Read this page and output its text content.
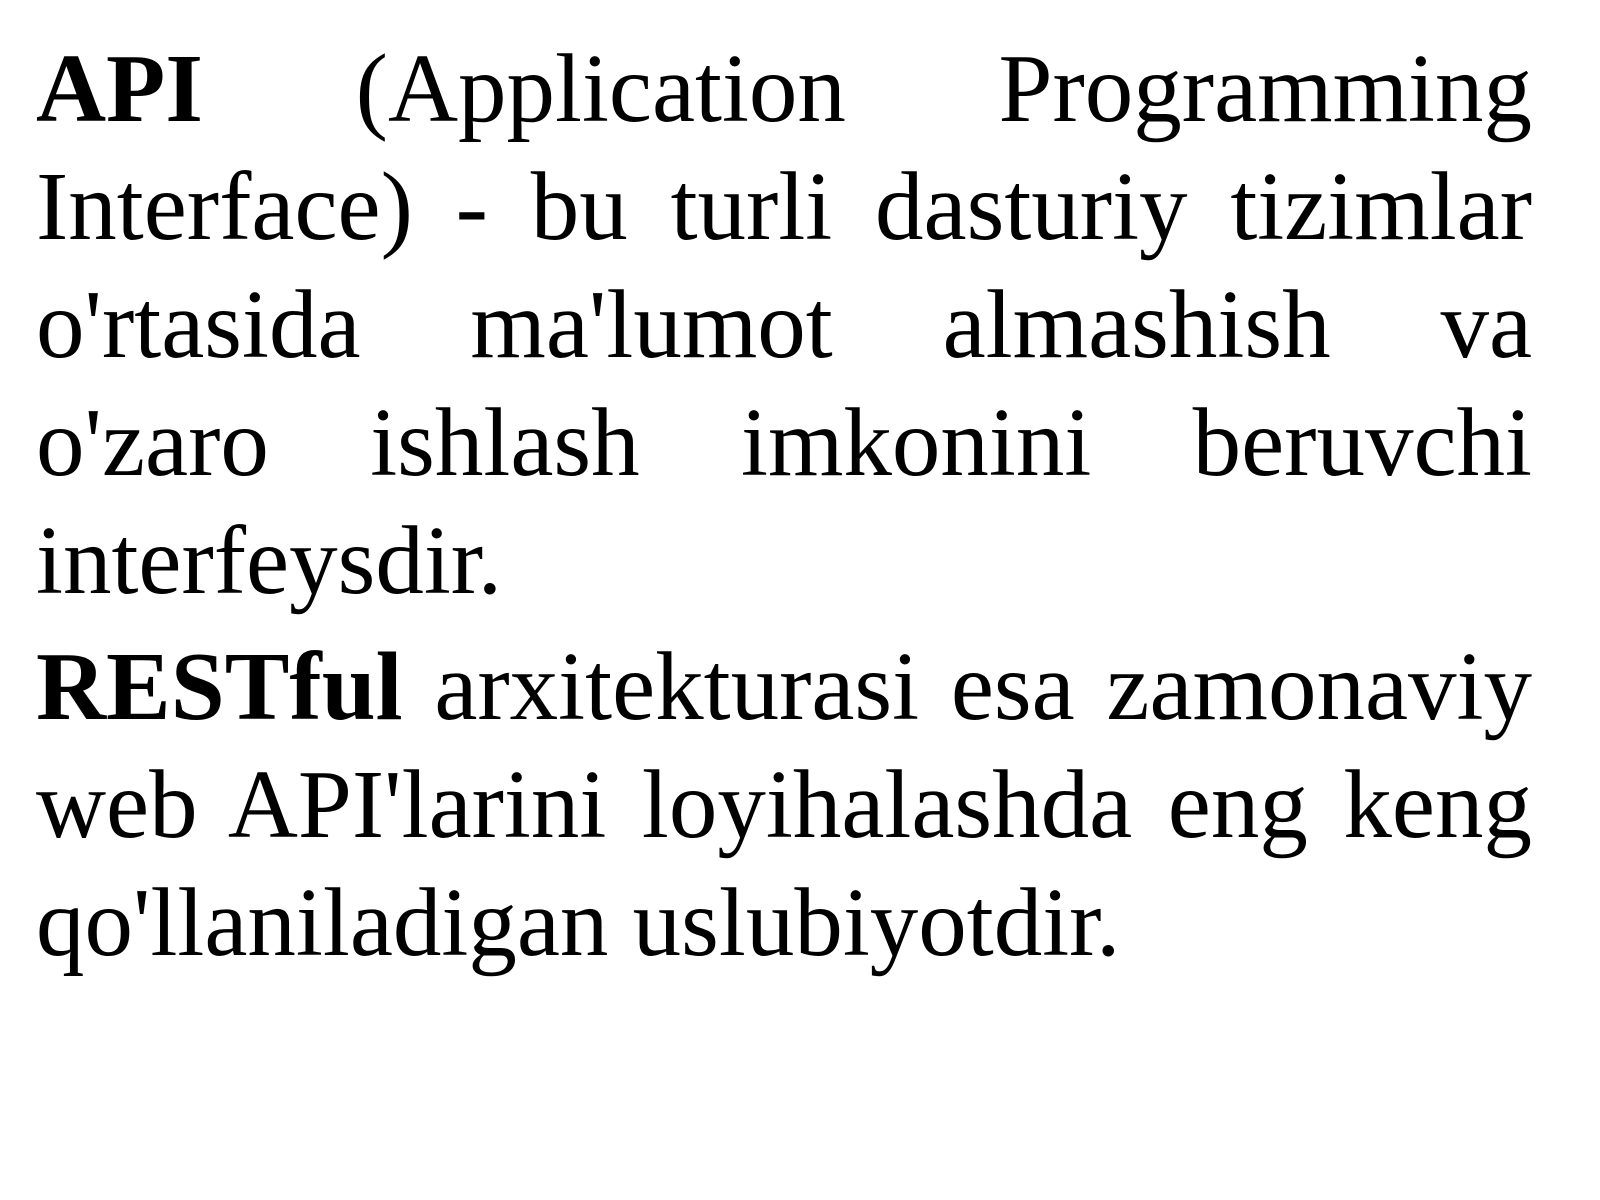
API (Application Programming Interface) - bu turli dasturiy tizimlar o'rtasida ma'lumot almashish va o'zaro ishlash imkonini beruvchi interfeysdir.

RESTful arxitekturasi esa zamonaviy web API'larini loyihalashda eng keng qo'llaniladigan uslubiyotdir.
